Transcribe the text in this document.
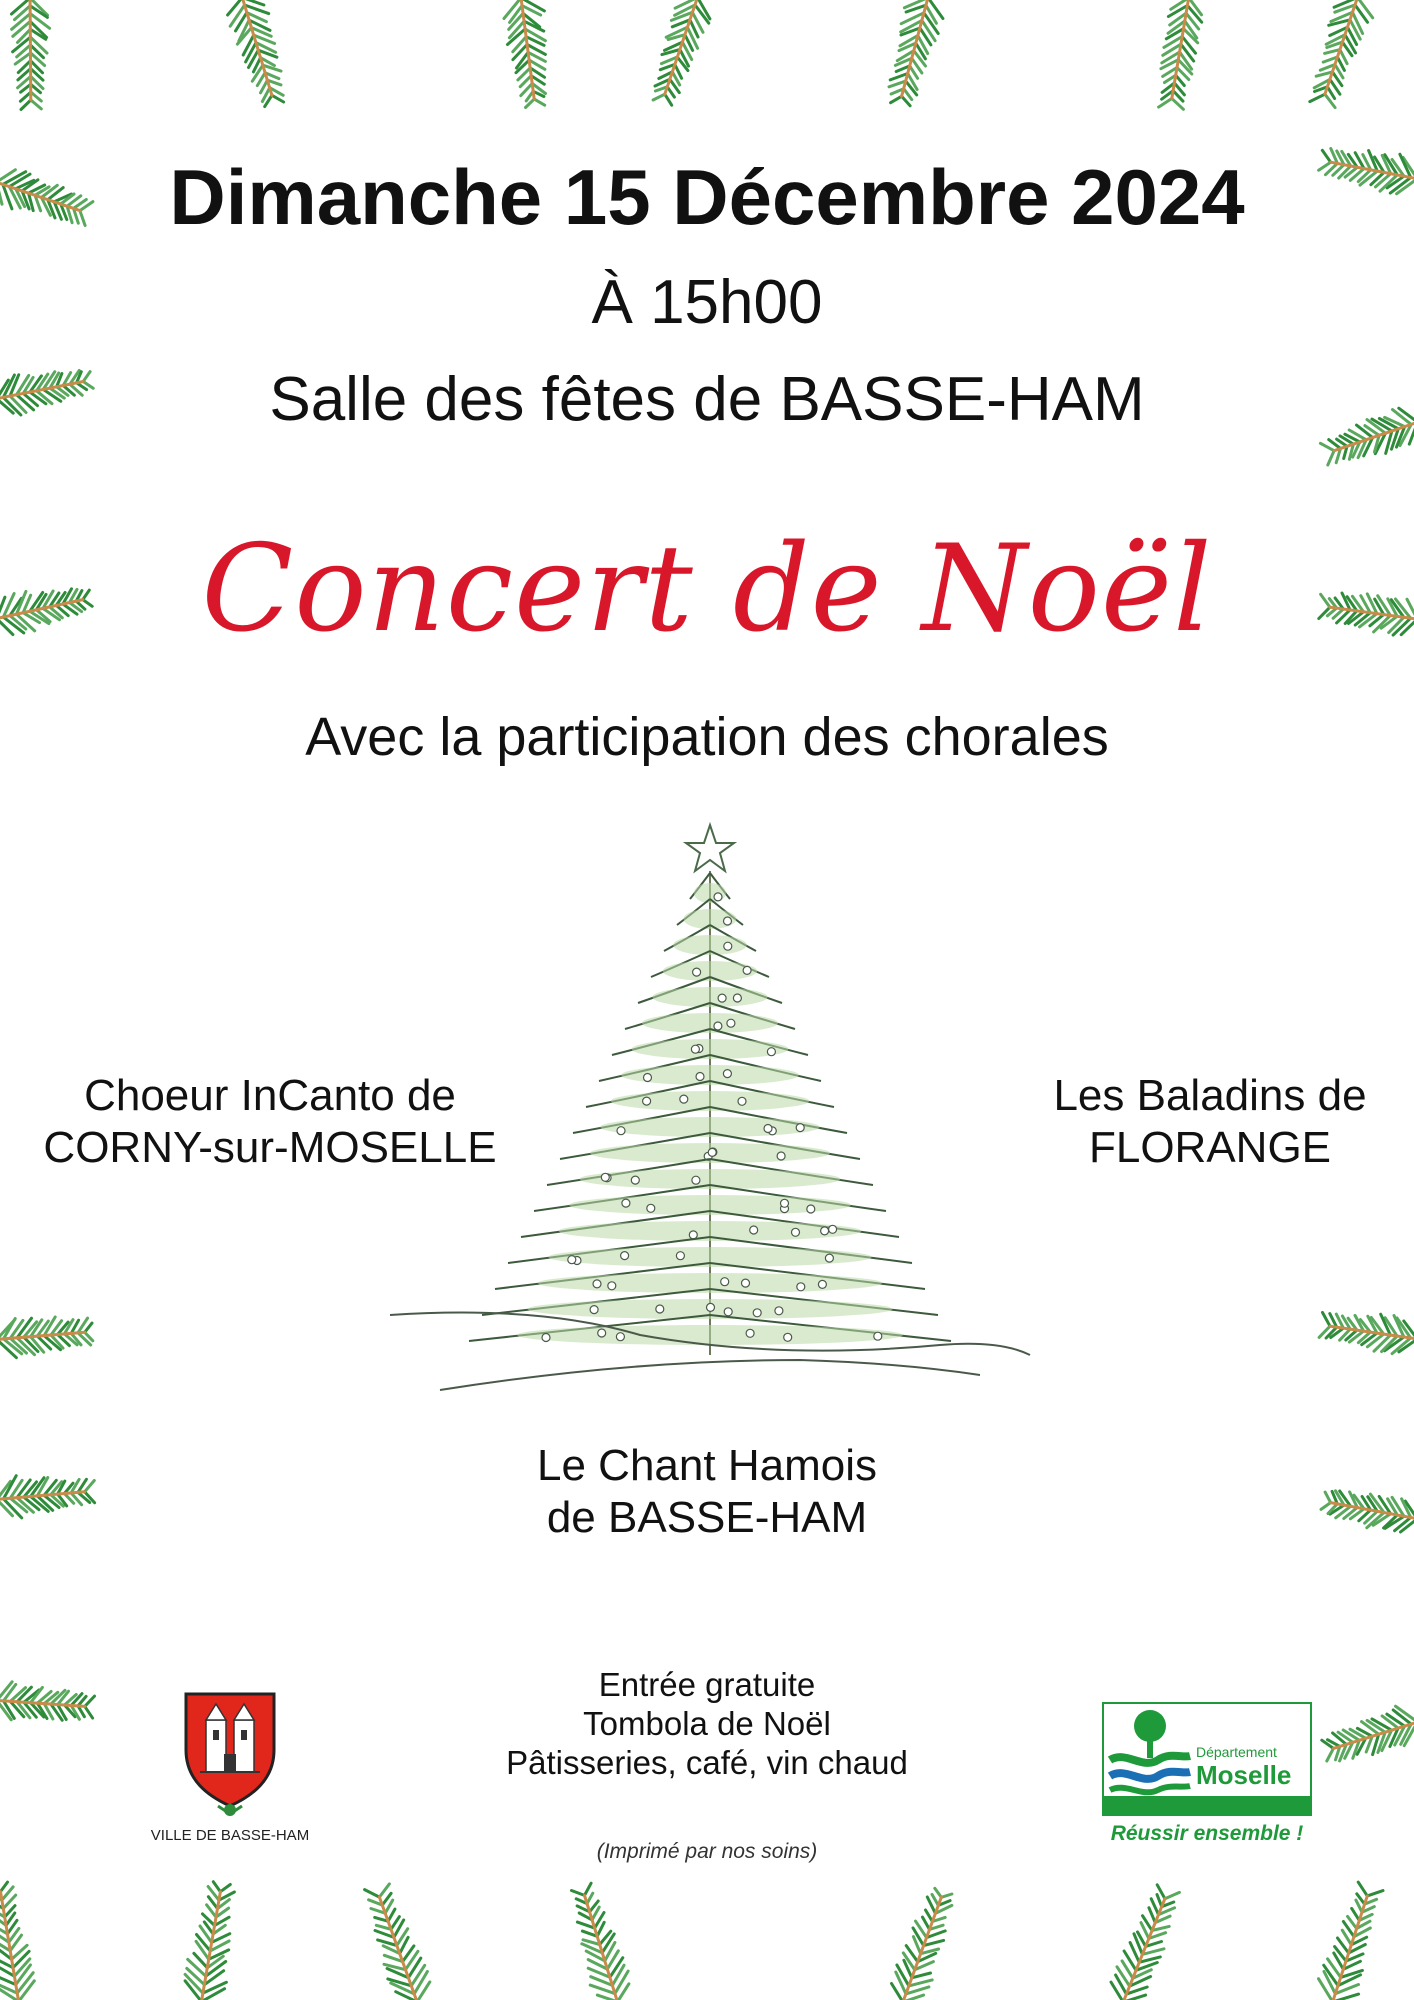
Dimanche 15 Décembre 2024
À 15h00
Salle des fêtes de BASSE-HAM
Concert de Noël
Avec la participation des chorales
Choeur InCanto de
CORNY-sur-MOSELLE
Les Baladins de
FLORANGE
Le Chant Hamois
de BASSE-HAM
Entrée gratuite
Tombola de Noël
Pâtisseries, café, vin chaud
(Imprimé par nos soins)
VILLE DE BASSE-HAM
Département
Moselle
Réussir ensemble !
